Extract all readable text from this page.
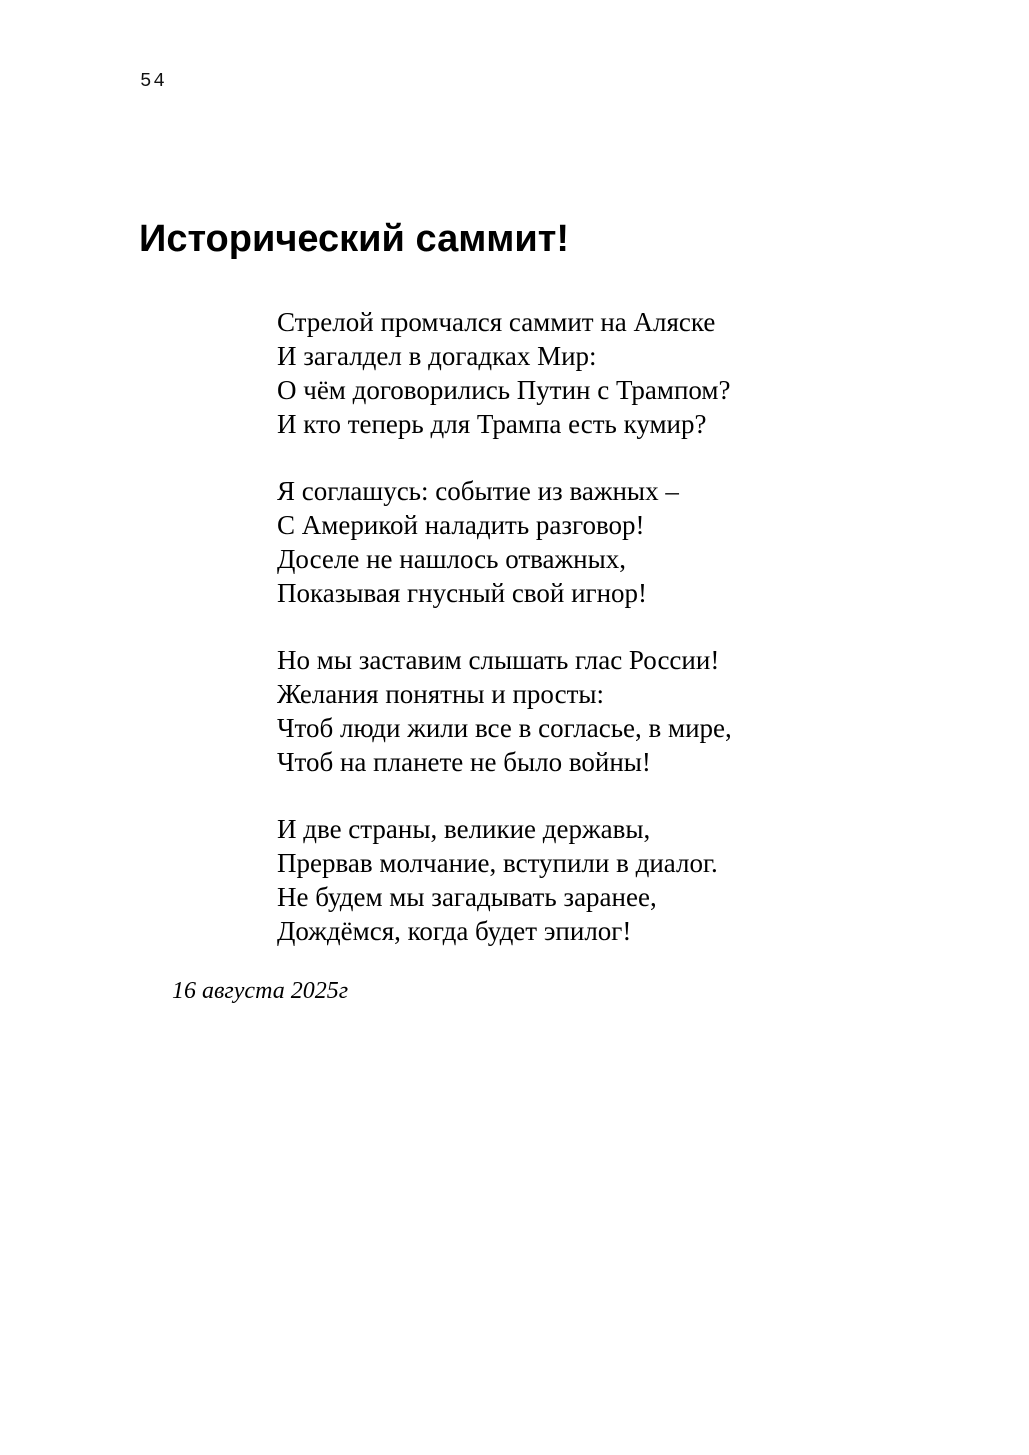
54
Исторический саммит!
Стрелой промчался саммит на Аляске
И загалдел в догадках Мир:
О чём договорились Путин с Трампом?
И кто теперь для Трампа есть кумир?
Я соглашусь: событие из важных –
С Америкой наладить разговор!
Доселе не нашлось отважных,
Показывая гнусный свой игнор!
Но мы заставим слышать глас России!
Желания понятны и просты:
Чтоб люди жили все в согласье, в мире,
Чтоб на планете не было войны!
И две страны, великие державы,
Прервав молчание, вступили в диалог.
Не будем мы загадывать заранее,
Дождёмся, когда будет эпилог!
16 августа 2025г
